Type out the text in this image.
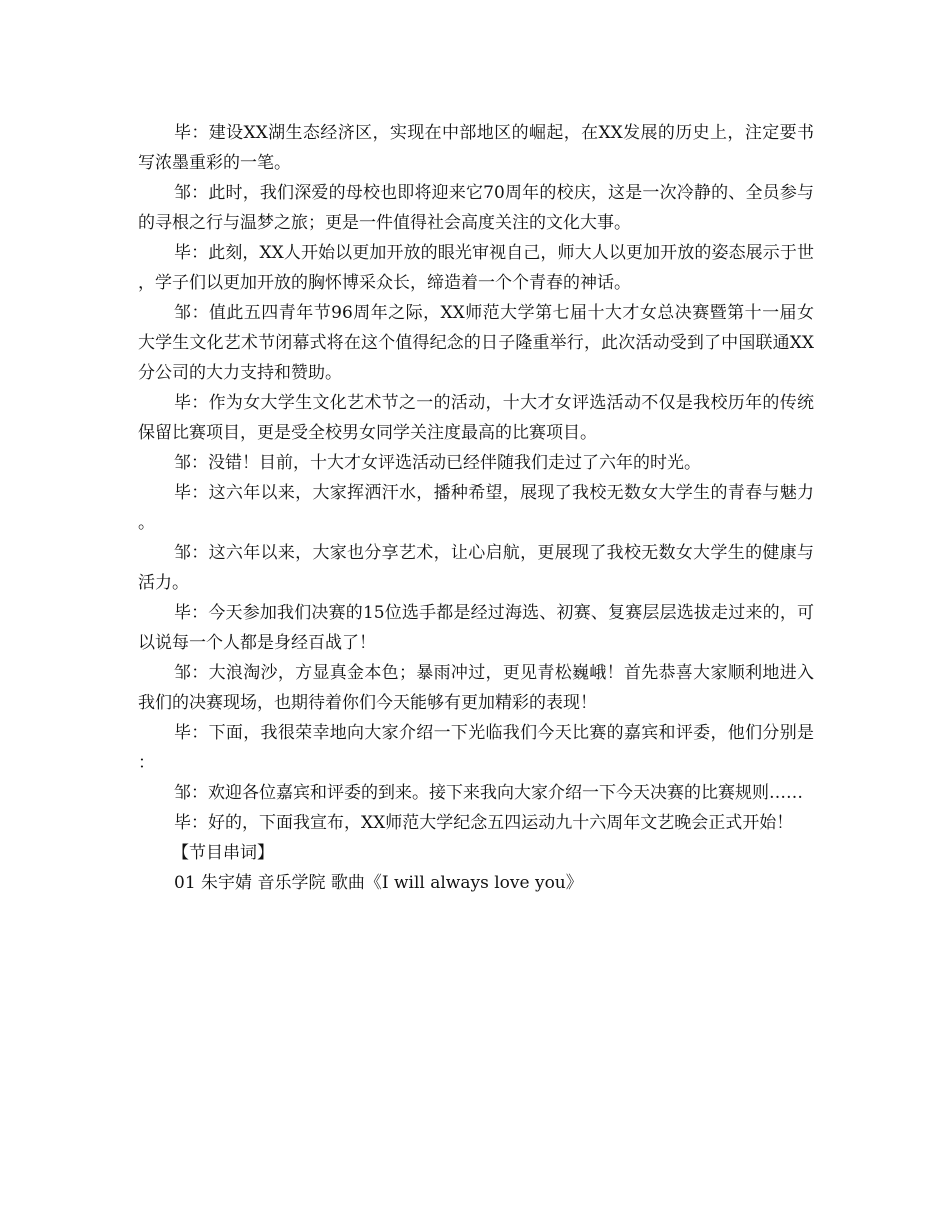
毕：建设XX湖生态经济区，实现在中部地区的崛起，在XX发展的历史上，注定要书写浓墨重彩的一笔。

邹：此时，我们深爱的母校也即将迎来它70周年的校庆，这是一次冷静的、全员参与的寻根之行与温梦之旅；更是一件值得社会高度关注的文化大事。

毕：此刻，XX人开始以更加开放的眼光审视自己，师大人以更加开放的姿态展示于世，学子们以更加开放的胸怀博采众长，缔造着一个个青春的神话。

邹：值此五四青年节96周年之际，XX师范大学第七届十大才女总决赛暨第十一届女大学生文化艺术节闭幕式将在这个值得纪念的日子隆重举行，此次活动受到了中国联通XX分公司的大力支持和赞助。

毕：作为女大学生文化艺术节之一的活动，十大才女评选活动不仅是我校历年的传统保留比赛项目，更是受全校男女同学关注度最高的比赛项目。

邹：没错！目前，十大才女评选活动已经伴随我们走过了六年的时光。

毕：这六年以来，大家挥洒汗水，播种希望，展现了我校无数女大学生的青春与魅力。

邹：这六年以来，大家也分享艺术，让心启航，更展现了我校无数女大学生的健康与活力。

毕：今天参加我们决赛的15位选手都是经过海选、初赛、复赛层层选拔走过来的，可以说每一个人都是身经百战了！

邹：大浪淘沙，方显真金本色；暴雨冲过，更见青松巍峨！首先恭喜大家顺利地进入我们的决赛现场，也期待着你们今天能够有更加精彩的表现！

毕：下面，我很荣幸地向大家介绍一下光临我们今天比赛的嘉宾和评委，他们分别是：

邹：欢迎各位嘉宾和评委的到来。接下来我向大家介绍一下今天决赛的比赛规则……

毕：好的，下面我宣布，XX师范大学纪念五四运动九十六周年文艺晚会正式开始！

【节目串词】

01 朱宇婧 音乐学院 歌曲《I will always love you》
